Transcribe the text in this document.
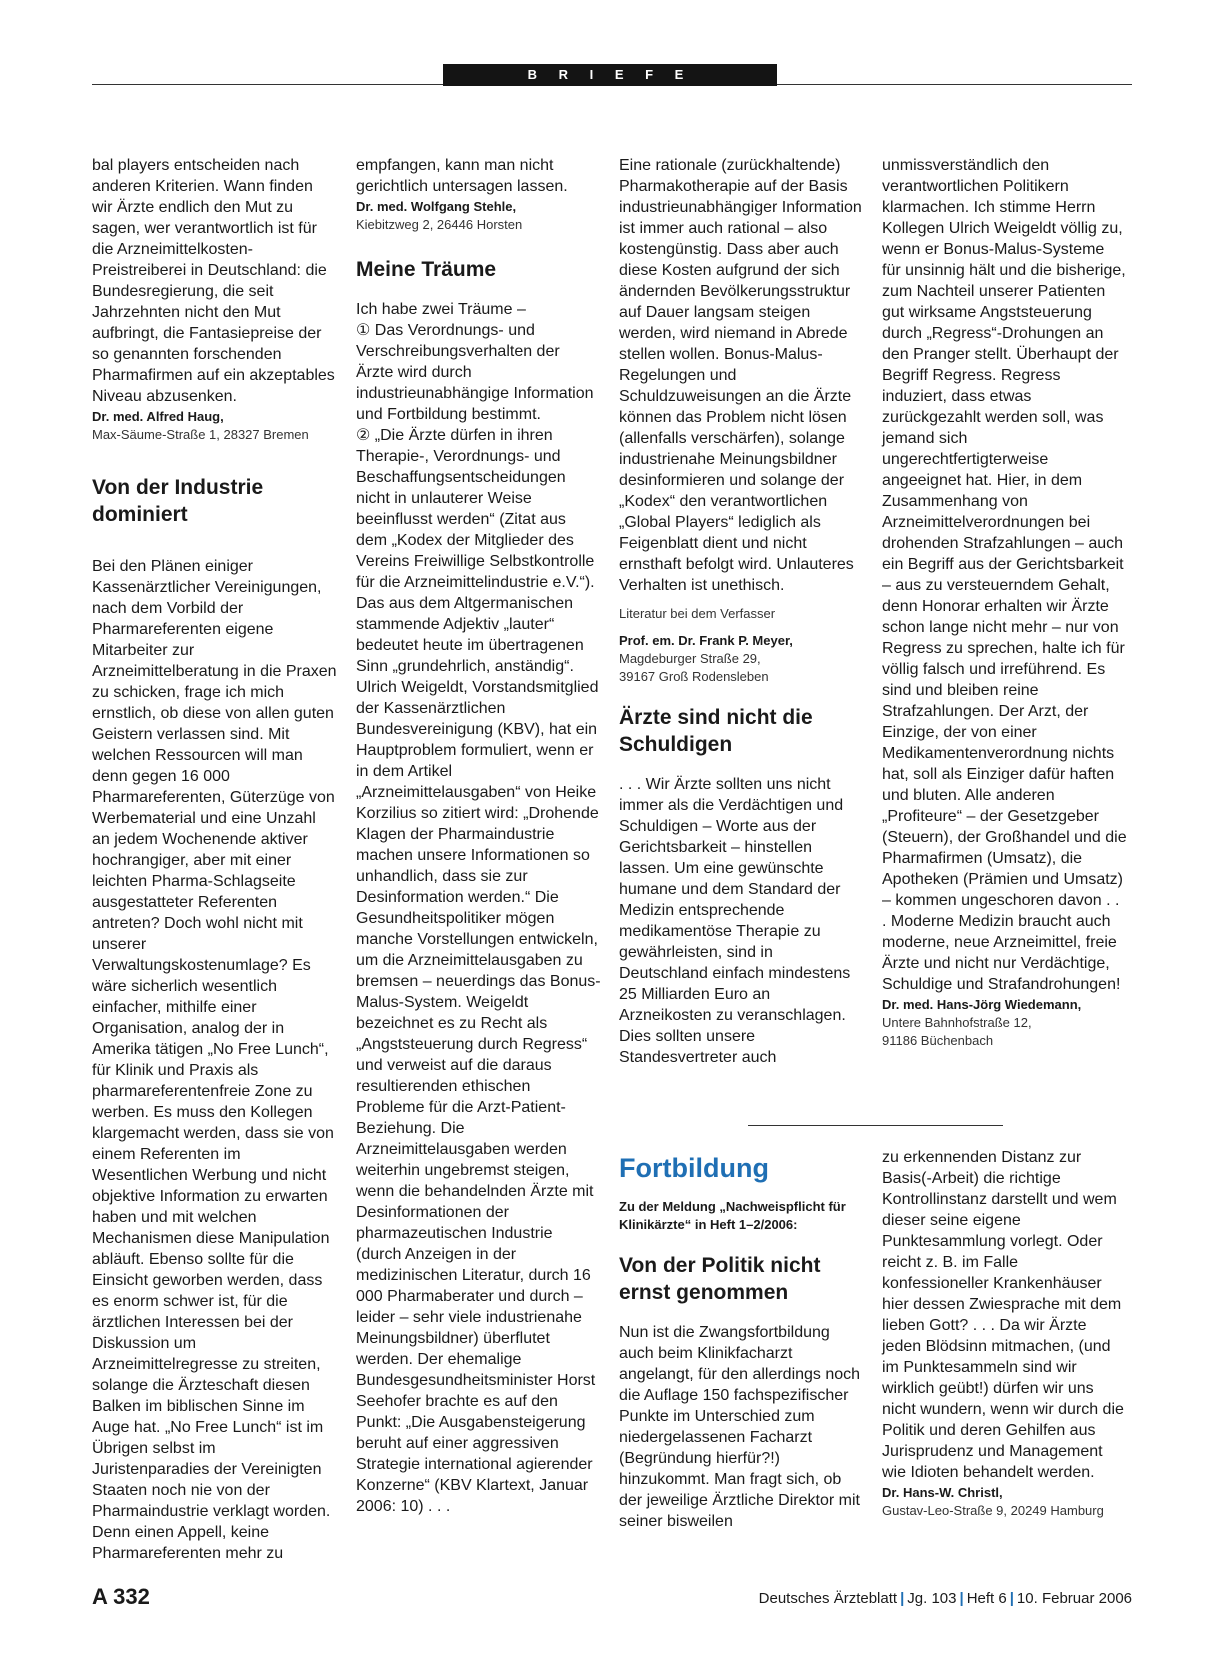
B R I E F E

bal players entscheiden nach anderen Kriterien. Wann finden wir Ärzte endlich den Mut zu sagen, wer verantwortlich ist für die Arzneimittelkosten-Preistreiberei in Deutschland: die Bundesregierung, die seit Jahrzehnten nicht den Mut aufbringt, die Fantasiepreise der so genannten forschenden Pharmafirmen auf ein akzeptables Niveau abzusenken.

Dr. med. Alfred Haug,

Max-Säume-Straße 1, 28327 Bremen

Von der Industrie dominiert

Bei den Plänen einiger Kassenärztlicher Vereinigungen, nach dem Vorbild der Pharmareferenten eigene Mitarbeiter zur Arzneimittelberatung in die Praxen zu schicken, frage ich mich ernstlich, ob diese von allen guten Geistern verlassen sind. Mit welchen Ressourcen will man denn gegen 16 000 Pharmareferenten, Güterzüge von Werbematerial und eine Unzahl an jedem Wochenende aktiver hochrangiger, aber mit einer leichten Pharma-Schlagseite ausgestatteter Referenten antreten? Doch wohl nicht mit unserer Verwaltungskostenumlage? Es wäre sicherlich wesentlich einfacher, mithilfe einer Organisation, analog der in Amerika tätigen „No Free Lunch“, für Klinik und Praxis als pharmareferentenfreie Zone zu werben. Es muss den Kollegen klargemacht werden, dass sie von einem Referenten im Wesentlichen Werbung und nicht objektive Information zu erwarten haben und mit welchen Mechanismen diese Manipulation abläuft. Ebenso sollte für die Einsicht geworben werden, dass es enorm schwer ist, für die ärztlichen Interessen bei der Diskussion um Arzneimittelregresse zu streiten, solange die Ärzteschaft diesen Balken im biblischen Sinne im Auge hat. „No Free Lunch“ ist im Übrigen selbst im Juristenparadies der Vereinigten Staaten noch nie von der Pharmaindustrie verklagt worden. Denn einen Appell, keine Pharmareferenten mehr zu

empfangen, kann man nicht gerichtlich untersagen lassen.

Dr. med. Wolfgang Stehle,

Kiebitzweg 2, 26446 Horsten

Meine Träume

Ich habe zwei Träume –

① Das Verordnungs- und Verschreibungsverhalten der Ärzte wird durch industrieunabhängige Information und Fortbildung bestimmt.

② „Die Ärzte dürfen in ihren Therapie-, Verordnungs- und Beschaffungsentscheidungen nicht in unlauterer Weise beeinflusst werden“ (Zitat aus dem „Kodex der Mitglieder des Vereins Freiwillige Selbstkontrolle für die Arzneimittelindustrie e.V.“). Das aus dem Altgermanischen stammende Adjektiv „lauter“ bedeutet heute im übertragenen Sinn „grundehrlich, anständig“. Ulrich Weigeldt, Vorstandsmitglied der Kassenärztlichen Bundesvereinigung (KBV), hat ein Hauptproblem formuliert, wenn er in dem Artikel „Arzneimittelausgaben“ von Heike Korzilius so zitiert wird: „Drohende Klagen der Pharmaindustrie machen unsere Informationen so unhandlich, dass sie zur Desinformation werden.“ Die Gesundheitspolitiker mögen manche Vorstellungen entwickeln, um die Arzneimittelausgaben zu bremsen – neuerdings das Bonus-Malus-System. Weigeldt bezeichnet es zu Recht als „Angststeuerung durch Regress“ und verweist auf die daraus resultierenden ethischen Probleme für die Arzt-Patient-Beziehung. Die Arzneimittelausgaben werden weiterhin ungebremst steigen, wenn die behandelnden Ärzte mit Desinformationen der pharmazeutischen Industrie (durch Anzeigen in der medizinischen Literatur, durch 16 000 Pharmaberater und durch – leider – sehr viele industrienahe Meinungsbildner) überflutet werden. Der ehemalige Bundesgesundheitsminister Horst Seehofer brachte es auf den Punkt: „Die Ausgabensteigerung beruht auf einer aggressiven Strategie international agierender Konzerne“ (KBV Klartext, Januar 2006: 10) . . .

Eine rationale (zurückhaltende) Pharmakotherapie auf der Basis industrieunabhängiger Information ist immer auch rational – also kostengünstig. Dass aber auch diese Kosten aufgrund der sich ändernden Bevölkerungsstruktur auf Dauer langsam steigen werden, wird niemand in Abrede stellen wollen. Bonus-Malus-Regelungen und Schuldzuweisungen an die Ärzte können das Problem nicht lösen (allenfalls verschärfen), solange industrienahe Meinungsbildner desinformieren und solange der „Kodex“ den verantwortlichen „Global Players“ lediglich als Feigenblatt dient und nicht ernsthaft befolgt wird. Unlauteres Verhalten ist unethisch.

Literatur bei dem Verfasser

Prof. em. Dr. Frank P. Meyer,

Magdeburger Straße 29,

39167 Groß Rodensleben

Ärzte sind nicht die Schuldigen

. . . Wir Ärzte sollten uns nicht immer als die Verdächtigen und Schuldigen – Worte aus der Gerichtsbarkeit – hinstellen lassen. Um eine gewünschte humane und dem Standard der Medizin entsprechende medikamentöse Therapie zu gewährleisten, sind in Deutschland einfach mindestens 25 Milliarden Euro an Arzneikosten zu veranschlagen. Dies sollten unsere Standesvertreter auch

unmissverständlich den verantwortlichen Politikern klarmachen. Ich stimme Herrn Kollegen Ulrich Weigeldt völlig zu, wenn er Bonus-Malus-Systeme für unsinnig hält und die bisherige, zum Nachteil unserer Patienten gut wirksame Angststeuerung durch „Regress“-Drohungen an den Pranger stellt. Überhaupt der Begriff Regress. Regress induziert, dass etwas zurückgezahlt werden soll, was jemand sich ungerechtfertigterweise angeeignet hat. Hier, in dem Zusammenhang von Arzneimittelverordnungen bei drohenden Strafzahlungen – auch ein Begriff aus der Gerichtsbarkeit – aus zu versteuerndem Gehalt, denn Honorar erhalten wir Ärzte schon lange nicht mehr – nur von Regress zu sprechen, halte ich für völlig falsch und irreführend. Es sind und bleiben reine Strafzahlungen. Der Arzt, der Einzige, der von einer Medikamentenverordnung nichts hat, soll als Einziger dafür haften und bluten. Alle anderen „Profiteure“ – der Gesetzgeber (Steuern), der Großhandel und die Pharmafirmen (Umsatz), die Apotheken (Prämien und Umsatz) – kommen ungeschoren davon . . . Moderne Medizin braucht auch moderne, neue Arzneimittel, freie Ärzte und nicht nur Verdächtige, Schuldige und Strafandrohungen!

Dr. med. Hans-Jörg Wiedemann,

Untere Bahnhofstraße 12,

91186 Büchenbach

Fortbildung

Zu der Meldung „Nachweispflicht für Klinikärzte“ in Heft 1–2/2006:

Von der Politik nicht ernst genommen

Nun ist die Zwangsfortbildung auch beim Klinikfacharzt angelangt, für den allerdings noch die Auflage 150 fachspezifischer Punkte im Unterschied zum niedergelassenen Facharzt (Begründung hierfür?!) hinzukommt. Man fragt sich, ob der jeweilige Ärztliche Direktor mit seiner bisweilen

zu erkennenden Distanz zur Basis(-Arbeit) die richtige Kontrollinstanz darstellt und wem dieser seine eigene Punktesammlung vorlegt. Oder reicht z. B. im Falle konfessioneller Krankenhäuser hier dessen Zwiesprache mit dem lieben Gott? . . . Da wir Ärzte jeden Blödsinn mitmachen, (und im Punktesammeln sind wir wirklich geübt!) dürfen wir uns nicht wundern, wenn wir durch die Politik und deren Gehilfen aus Jurisprudenz und Management wie Idioten behandelt werden.

Dr. Hans-W. Christl,

Gustav-Leo-Straße 9, 20249 Hamburg

A 332	Deutsches Ärzteblatt | Jg. 103 | Heft 6 | 10. Februar 2006
